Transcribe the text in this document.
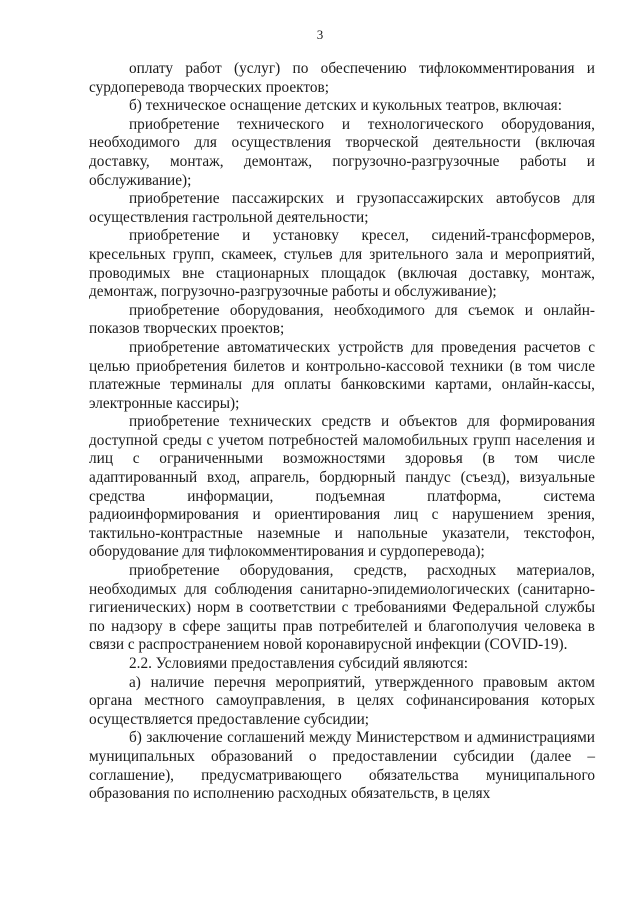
3

оплату работ (услуг) по обеспечению тифлокомментирования и сурдоперевода творческих проектов;

б) техническое оснащение детских и кукольных театров, включая:

приобретение технического и технологического оборудования, необходимого для осуществления творческой деятельности (включая доставку, монтаж, демонтаж, погрузочно-разгрузочные работы и обслуживание);

приобретение пассажирских и грузопассажирских автобусов для осуществления гастрольной деятельности;

приобретение и установку кресел, сидений-трансформеров, кресельных групп, скамеек, стульев для зрительного зала и мероприятий, проводимых вне стационарных площадок (включая доставку, монтаж, демонтаж, погрузочно-разгрузочные работы и обслуживание);

приобретение оборудования, необходимого для съемок и онлайн-показов творческих проектов;

приобретение автоматических устройств для проведения расчетов с целью приобретения билетов и контрольно-кассовой техники (в том числе платежные терминалы для оплаты банковскими картами, онлайн-кассы, электронные кассиры);

приобретение технических средств и объектов для формирования доступной среды с учетом потребностей маломобильных групп населения и лиц с ограниченными возможностями здоровья (в том числе адаптированный вход, апparель, бордюрный пандус (съезд), визуальные средства информации, подъемная платформа, система радиоинформирования и ориентирования лиц с нарушением зрения, тактильно-контрастные наземные и напольные указатели, текстофон, оборудование для тифлокомментирования и сурдоперевода);

приобретение оборудования, средств, расходных материалов, необходимых для соблюдения санитарно-эпидемиологических (санитарно-гигиенических) норм в соответствии с требованиями Федеральной службы по надзору в сфере защиты прав потребителей и благополучия человека в связи с распространением новой коронавирусной инфекции (COVID-19).

2.2. Условиями предоставления субсидий являются:

а) наличие перечня мероприятий, утвержденного правовым актом органа местного самоуправления, в целях софинансирования которых осуществляется предоставление субсидии;

б) заключение соглашений между Министерством и администрациями муниципальных образований о предоставлении субсидии (далее – соглашение), предусматривающего обязательства муниципального образования по исполнению расходных обязательств, в целях
